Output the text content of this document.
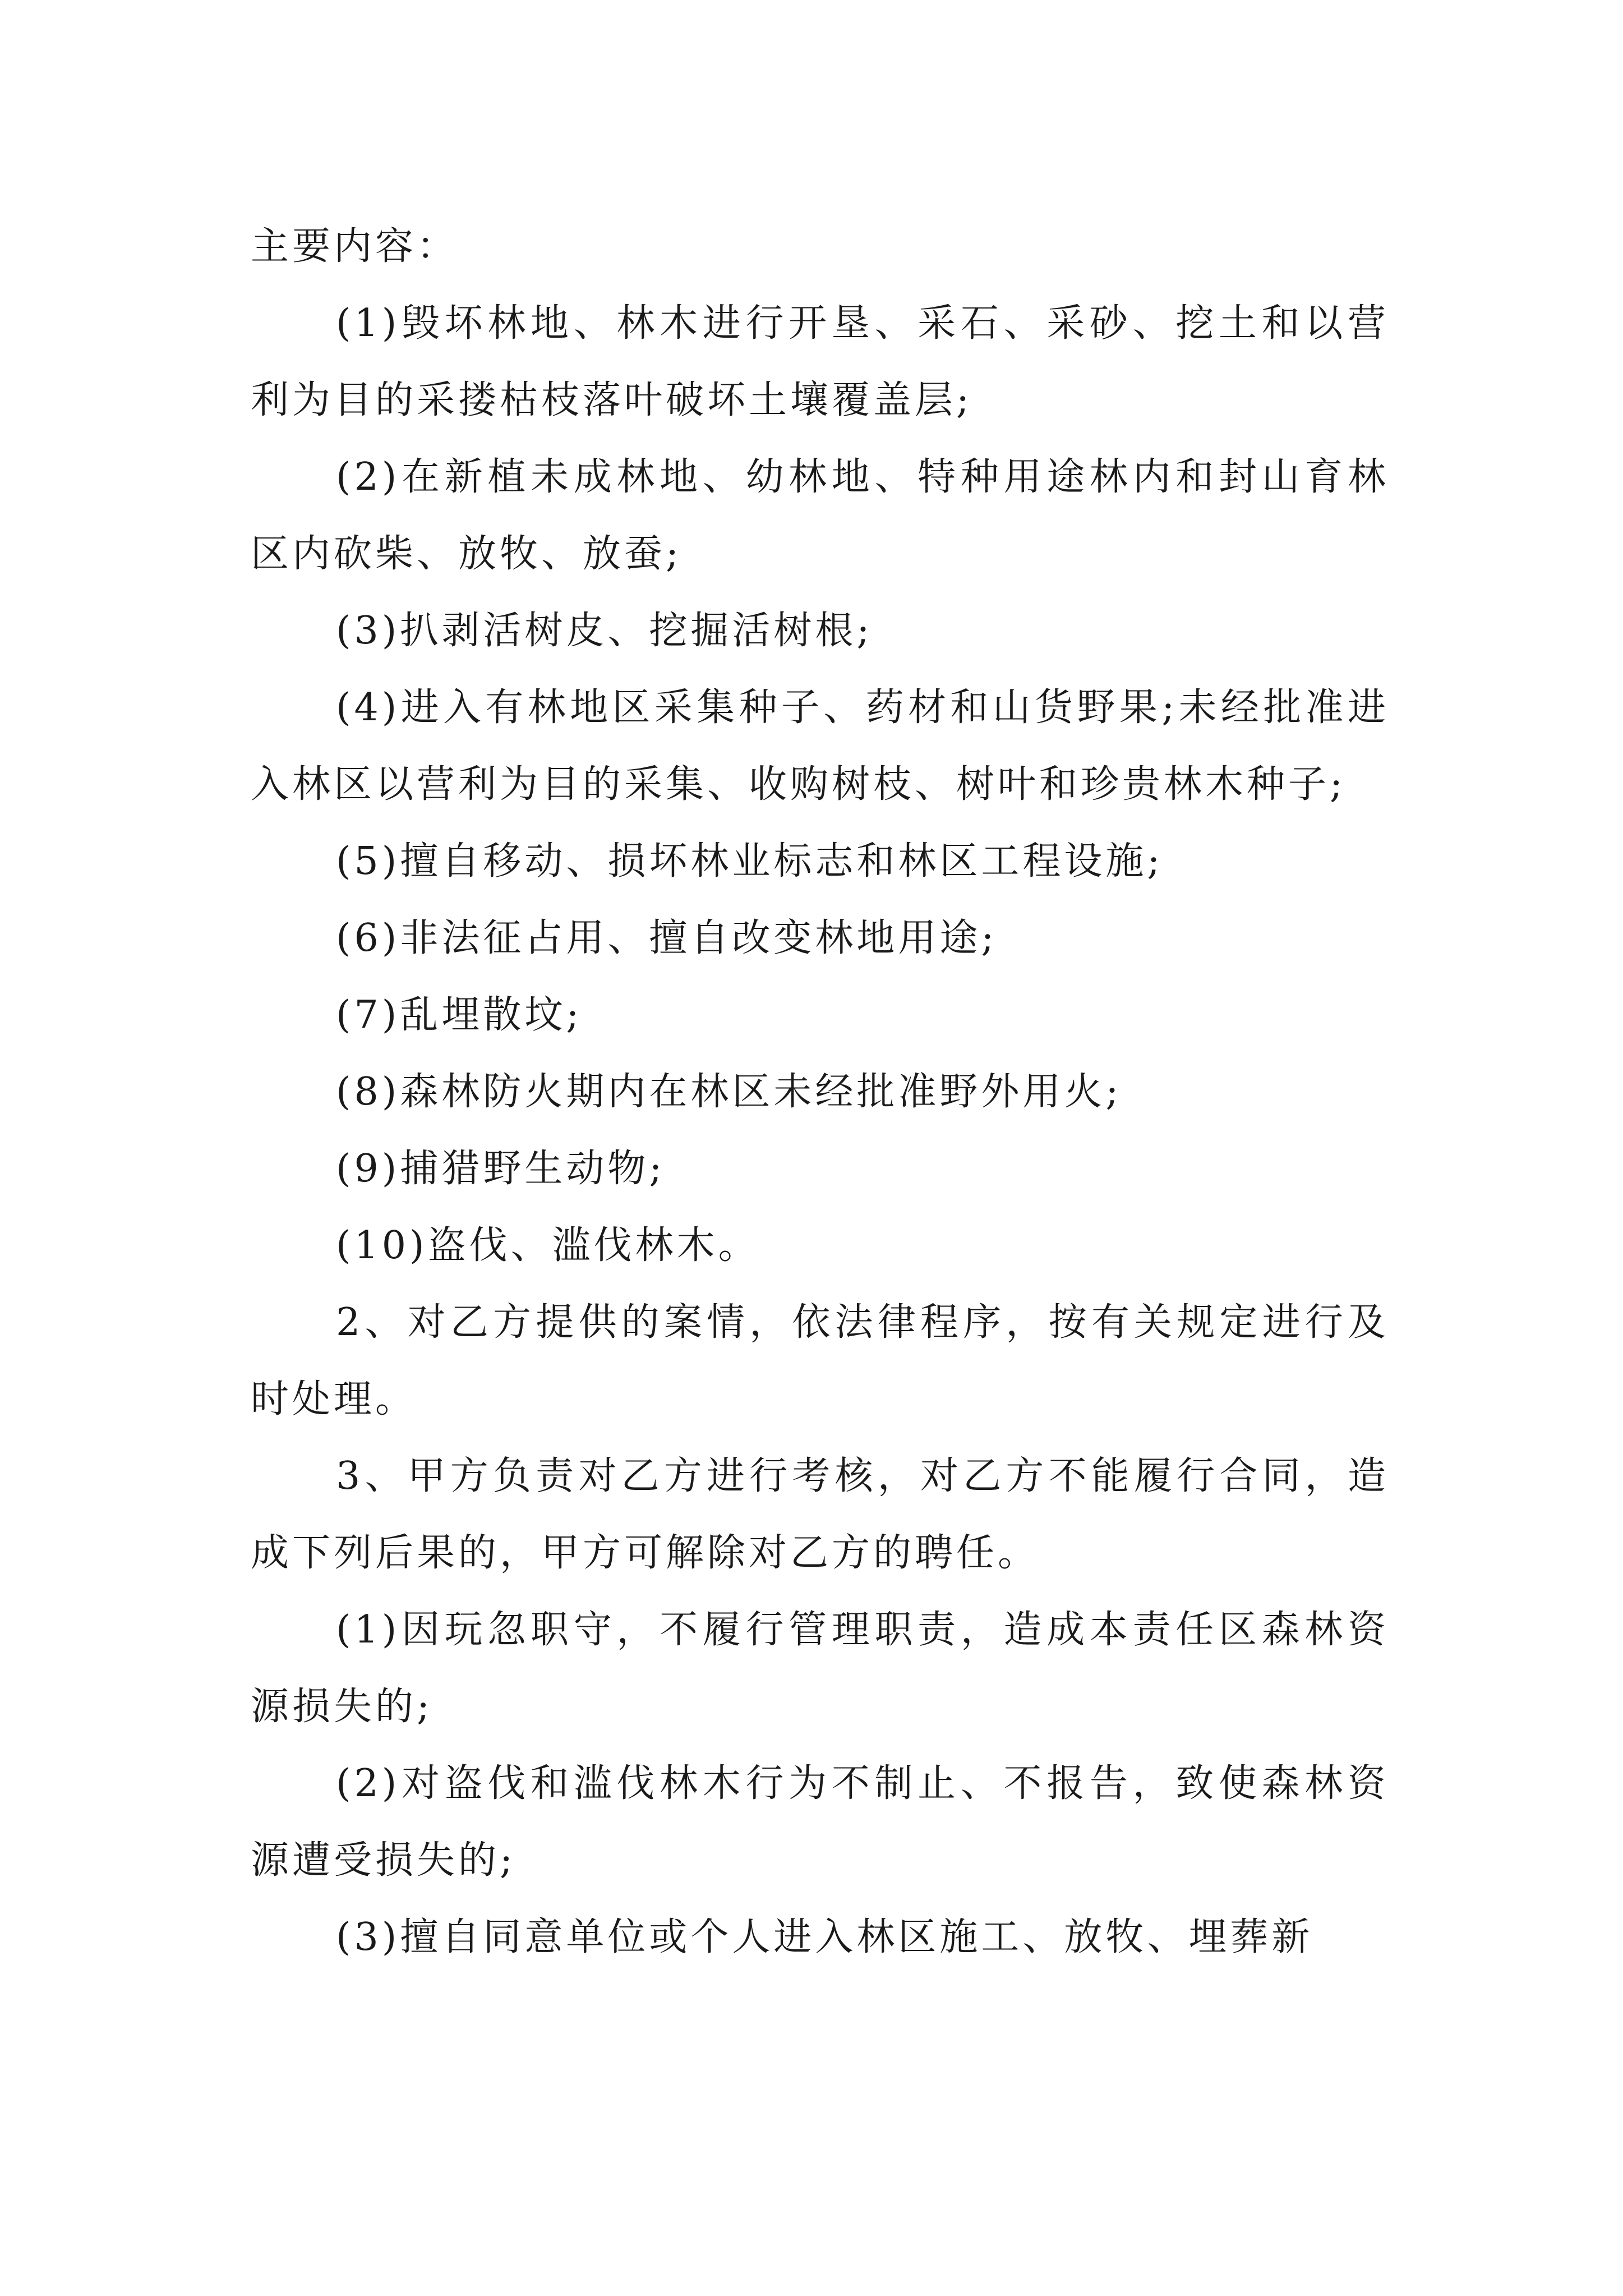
主要内容：

(1)毁坏林地、林木进行开垦、采石、采砂、挖土和以营利为目的采搂枯枝落叶破坏土壤覆盖层;

(2)在新植未成林地、幼林地、特种用途林内和封山育林区内砍柴、放牧、放蚕;

(3)扒剥活树皮、挖掘活树根;

(4)进入有林地区采集种子、药材和山货野果;未经批准进入林区以营利为目的采集、收购树枝、树叶和珍贵林木种子;

(5)擅自移动、损坏林业标志和林区工程设施;

(6)非法征占用、擅自改变林地用途;

(7)乱埋散坟;

(8)森林防火期内在林区未经批准野外用火;

(9)捕猎野生动物;

(10)盗伐、滥伐林木。

2、对乙方提供的案情，依法律程序，按有关规定进行及时处理。

3、甲方负责对乙方进行考核，对乙方不能履行合同，造成下列后果的，甲方可解除对乙方的聘任。

(1)因玩忽职守，不履行管理职责，造成本责任区森林资源损失的;

(2)对盗伐和滥伐林木行为不制止、不报告，致使森林资源遭受损失的;

(3)擅自同意单位或个人进入林区施工、放牧、埋葬新
